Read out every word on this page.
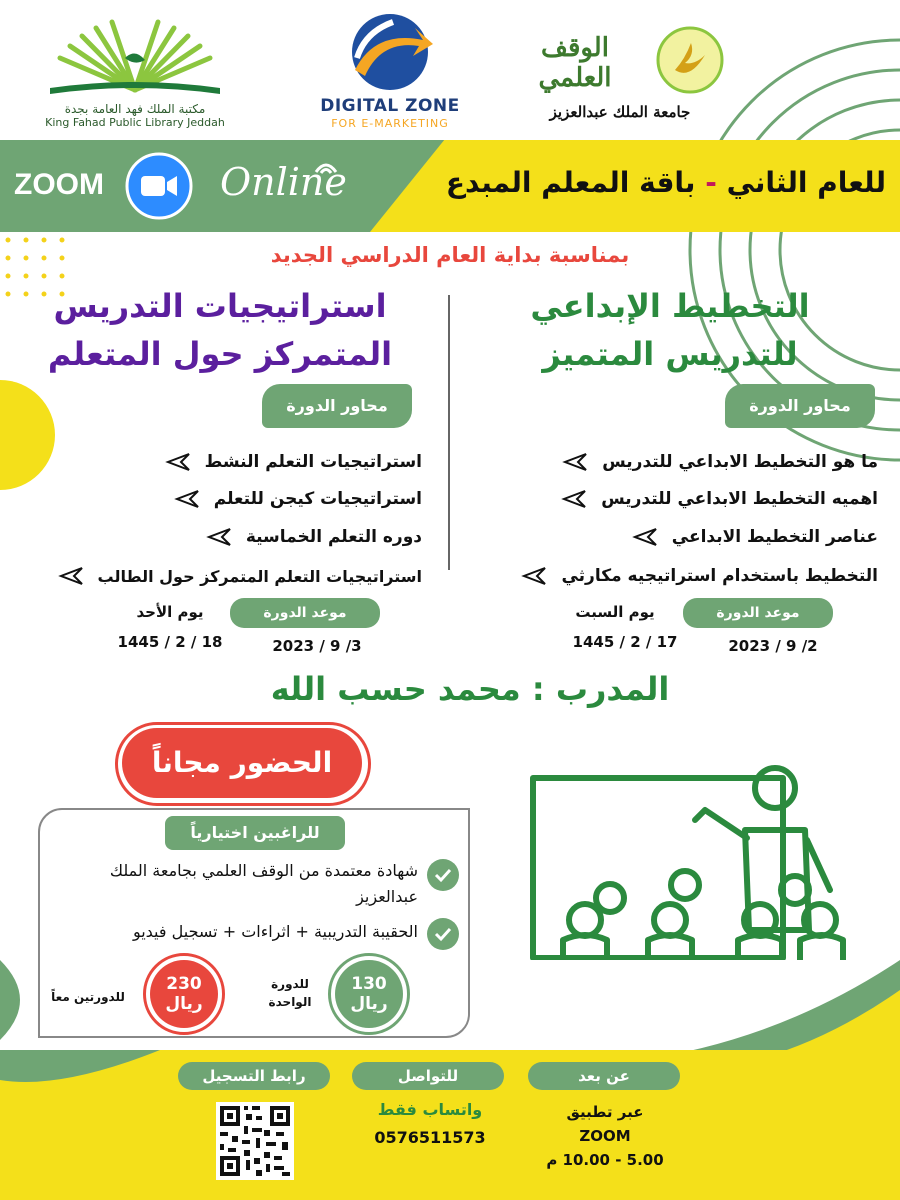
مكتبة الملك فهد العامة بجدة
King Fahad Public Library Jeddah
DIGITAL ZONE
FOR E-MARKETING
الوقف العلمي
جامعة الملك عبدالعزيز
ZOOM	Online	للعام الثاني - باقة المعلم المبدع
بمناسبة بداية العام الدراسي الجديد
التخطيط الإبداعي
للتدريس المتميز
محاور الدورة
ما هو التخطيط الابداعي للتدريس
اهميه التخطيط الابداعي للتدريس
عناصر التخطيط الابداعي
التخطيط باستخدام استراتيجيه مكارثي
موعد الدورة
يوم السبت
1445 / 2 / 17	2023 / 9 /2
استراتيجيات التدريس
المتمركز حول المتعلم
محاور الدورة
استراتيجيات التعلم النشط
استراتيجيات كيجن للتعلم
دوره التعلم الخماسية
استراتيجيات التعلم المتمركز حول الطالب
موعد الدورة
يوم الأحد
1445 / 2 / 18	2023 / 9 /3
المدرب : محمد حسب الله
الحضور مجاناً
للراغبين اختيارياً
شهادة معتمدة من الوقف العلمي بجامعة الملك عبدالعزيز
الحقيبة التدريبية + اثراءات + تسجيل فيديو
130
ريال
للدورة الواحدة
230
ريال
للدورتين معاً
عن بعد
عبر تطبيق
ZOOM
5.00 - 10.00 م
للتواصل
واتساب فقط
0576511573
رابط التسجيل
